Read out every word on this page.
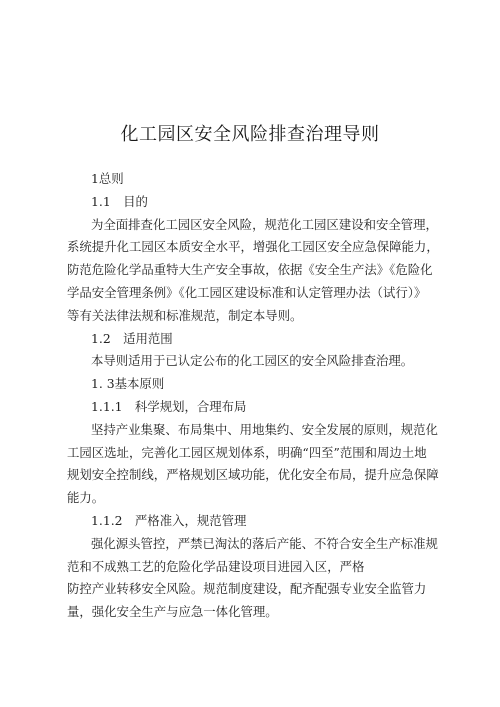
化工园区安全风险排查治理导则

1总则

1.1　目的

为全面排查化工园区安全风险，规范化工园区建设和安全管理，

系统提升化工园区本质安全水平，增强化工园区安全应急保障能力，

防范危险化学品重特大生产安全事故，依据《安全生产法》《危险化

学品安全管理条例》《化工园区建设标准和认定管理办法（试行）》

等有关法律法规和标准规范，制定本导则。

1.2　适用范围

本导则适用于已认定公布的化工园区的安全风险排查治理。

1. 3基本原则

1.1.1　科学规划，合理布局

坚持产业集聚、布局集中、用地集约、安全发展的原则，规范化

工园区选址，完善化工园区规划体系，明确“四至”范围和周边土地

规划安全控制线，严格规划区域功能，优化安全布局，提升应急保障

能力。

1.1.2　严格准入，规范管理

强化源头管控，严禁已淘汰的落后产能、不符合安全生产标准规

范和不成熟工艺的危险化学品建设项目进园入区，严格

防控产业转移安全风险。规范制度建设，配齐配强专业安全监管力

量，强化安全生产与应急一体化管理。
